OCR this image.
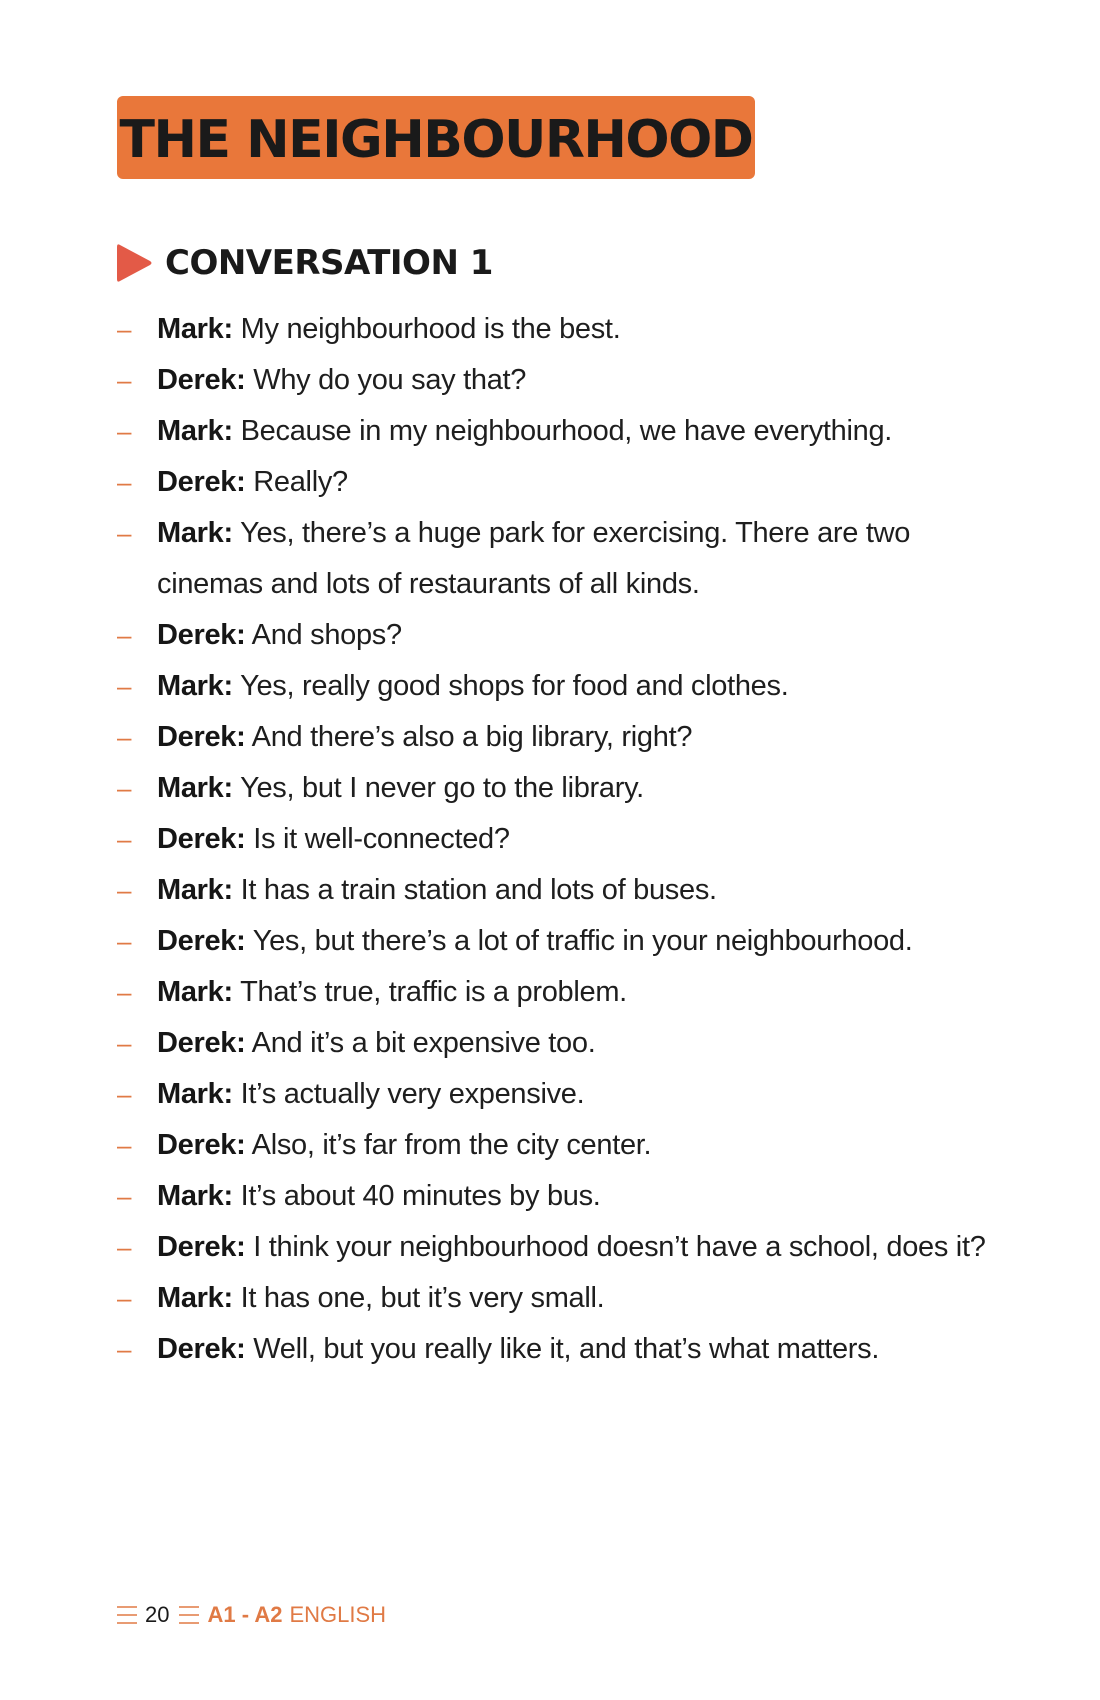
THE NEIGHBOURHOOD
CONVERSATION 1
– Mark: My neighbourhood is the best.
– Derek: Why do you say that?
– Mark: Because in my neighbourhood, we have everything.
– Derek: Really?
– Mark: Yes, there’s a huge park for exercising. There are two cinemas and lots of restaurants of all kinds.
– Derek: And shops?
– Mark: Yes, really good shops for food and clothes.
– Derek: And there’s also a big library, right?
– Mark: Yes, but I never go to the library.
– Derek: Is it well-connected?
– Mark: It has a train station and lots of buses.
– Derek: Yes, but there’s a lot of traffic in your neighbourhood.
– Mark: That’s true, traffic is a problem.
– Derek: And it’s a bit expensive too.
– Mark: It’s actually very expensive.
– Derek: Also, it’s far from the city center.
– Mark: It’s about 40 minutes by bus.
– Derek: I think your neighbourhood doesn’t have a school, does it?
– Mark: It has one, but it’s very small.
– Derek: Well, but you really like it, and that’s what matters.
20 A1 - A2 ENGLISH
